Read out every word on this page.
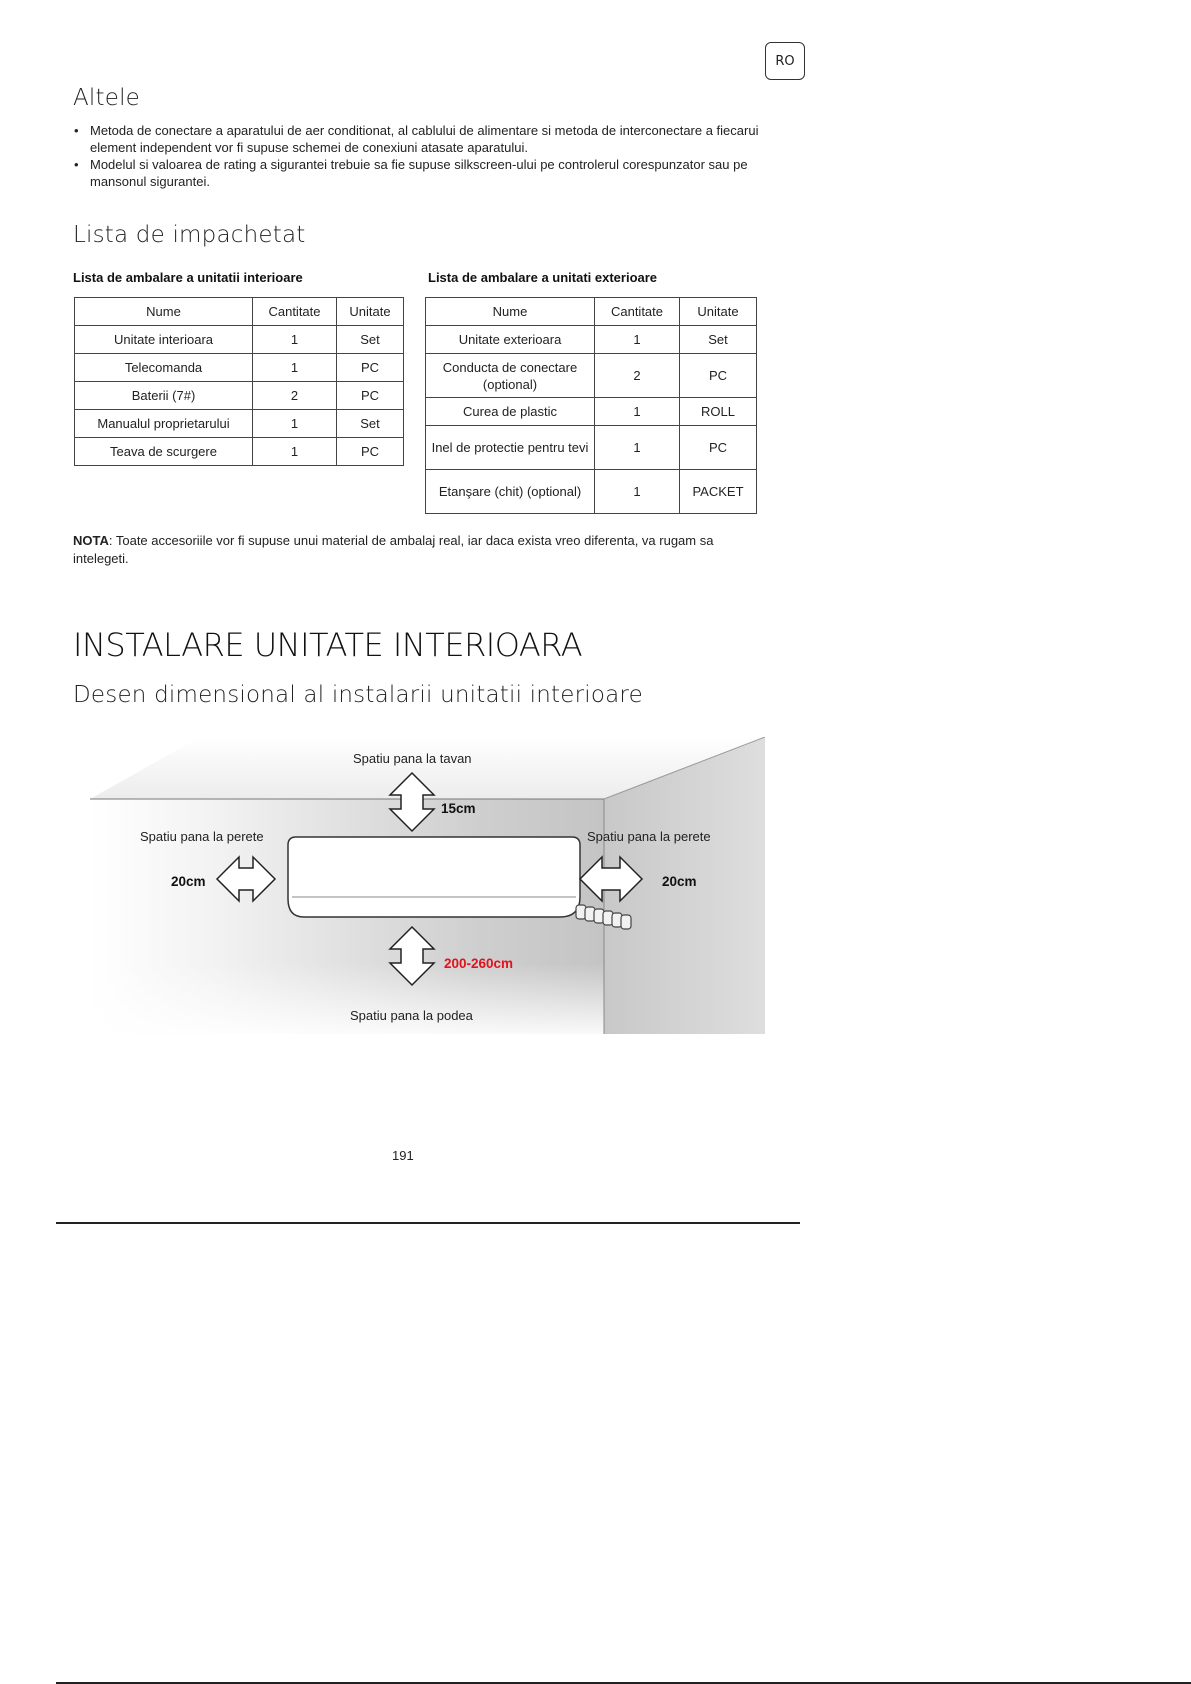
RO
Altele
• Metoda de conectare a aparatului de aer conditionat, al cablului de alimentare si metoda de interconectare a fiecarui element independent vor fi supuse schemei de conexiuni atasate aparatului.
• Modelul si valoarea de rating a sigurantei trebuie sa fie supuse silkscreen-ului pe controlerul corespunzator sau pe mansonul sigurantei.
Lista de impachetat
Lista de ambalare a unitatii interioare	Lista de ambalare a unitati exterioare
Nume	Cantitate	Unitate
Unitate interioara	1	Set
Telecomanda	1	PC
Baterii (7#)	2	PC
Manualul proprietarului	1	Set
Teava de scurgere	1	PC
Nume	Cantitate	Unitate
Unitate exterioara	1	Set
Conducta de conectare (optional)	2	PC
Curea de plastic	1	ROLL
Inel de protectie pentru tevi	1	PC
Etanşare (chit) (optional)	1	PACKET
NOTA: Toate accesoriile vor fi supuse unui material de ambalaj real, iar daca exista vreo diferenta, va rugam sa intelegeti.
INSTALARE UNITATE INTERIOARA
Desen dimensional al instalarii unitatii interioare
Spatiu pana la tavan
15cm
Spatiu pana la perete
20cm
Spatiu pana la perete
20cm
200-260cm
Spatiu pana la podea
191
